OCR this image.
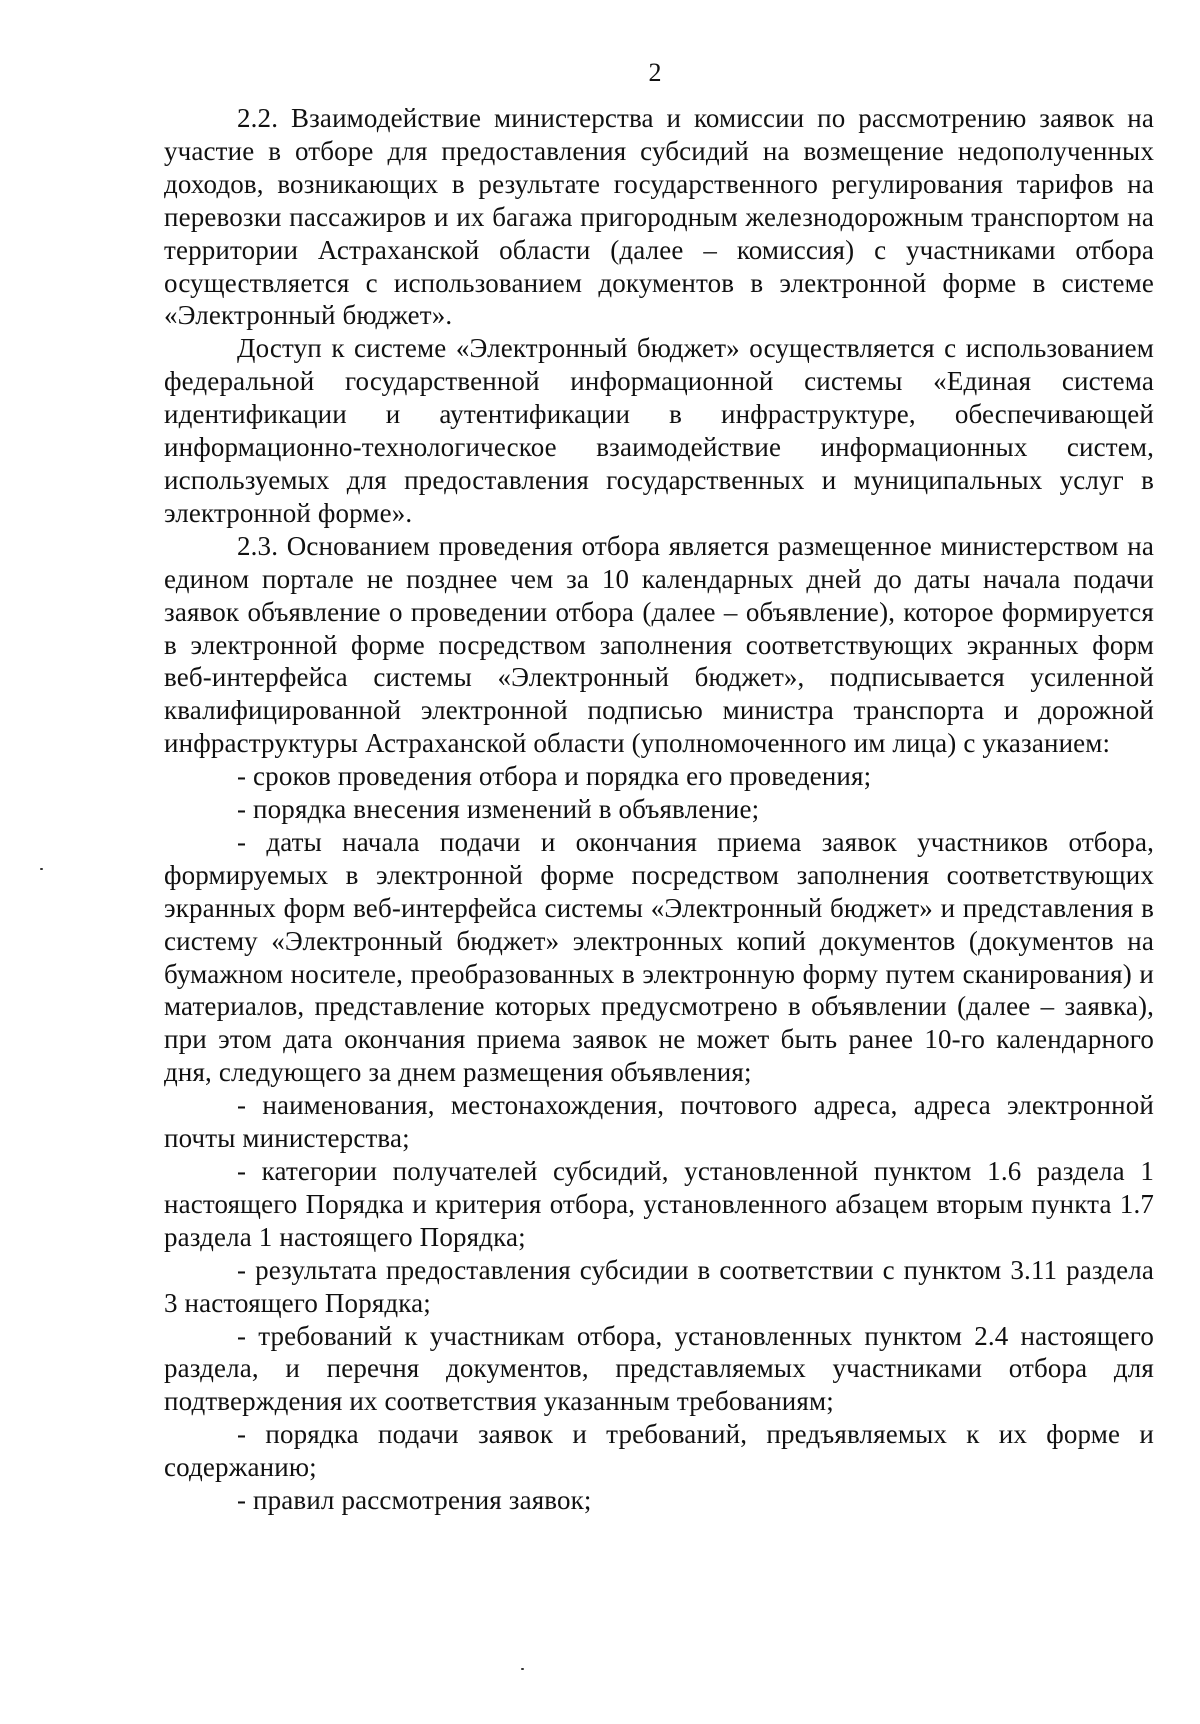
2

2.2. Взаимодействие министерства и комиссии по рассмотрению заявок на участие в отборе для предоставления субсидий на возмещение недополученных доходов, возникающих в результате государственного регулирования тарифов на перевозки пассажиров и их багажа пригородным железнодорожным транспортом на территории Астраханской области (далее – комиссия) с участниками отбора осуществляется с использованием документов в электронной форме в системе «Электронный бюджет».

Доступ к системе «Электронный бюджет» осуществляется с использованием федеральной государственной информационной системы «Единая система идентификации и аутентификации в инфраструктуре, обеспечивающей информационно-технологическое взаимодействие информационных систем, используемых для предоставления государственных и муниципальных услуг в электронной форме».

2.3. Основанием проведения отбора является размещенное министерством на едином портале не позднее чем за 10 календарных дней до даты начала подачи заявок объявление о проведении отбора (далее – объявление), которое формируется в электронной форме посредством заполнения соответствующих экранных форм веб-интерфейса системы «Электронный бюджет», подписывается усиленной квалифицированной электронной подписью министра транспорта и дорожной инфраструктуры Астраханской области (уполномоченного им лица) с указанием:

- сроков проведения отбора и порядка его проведения;

- порядка внесения изменений в объявление;

- даты начала подачи и окончания приема заявок участников отбора, формируемых в электронной форме посредством заполнения соответствующих экранных форм веб-интерфейса системы «Электронный бюджет» и представления в систему «Электронный бюджет» электронных копий документов (документов на бумажном носителе, преобразованных в электронную форму путем сканирования) и материалов, представление которых предусмотрено в объявлении (далее – заявка), при этом дата окончания приема заявок не может быть ранее 10-го календарного дня, следующего за днем размещения объявления;

- наименования, местонахождения, почтового адреса, адреса электронной почты министерства;

- категории получателей субсидий, установленной пунктом 1.6 раздела 1 настоящего Порядка и критерия отбора, установленного абзацем вторым пункта 1.7 раздела 1 настоящего Порядка;

- результата предоставления субсидии в соответствии с пунктом 3.11 раздела 3 настоящего Порядка;

- требований к участникам отбора, установленных пунктом 2.4 настоящего раздела, и перечня документов, представляемых участниками отбора для подтверждения их соответствия указанным требованиям;

- порядка подачи заявок и требований, предъявляемых к их форме и содержанию;

- правил рассмотрения заявок;
